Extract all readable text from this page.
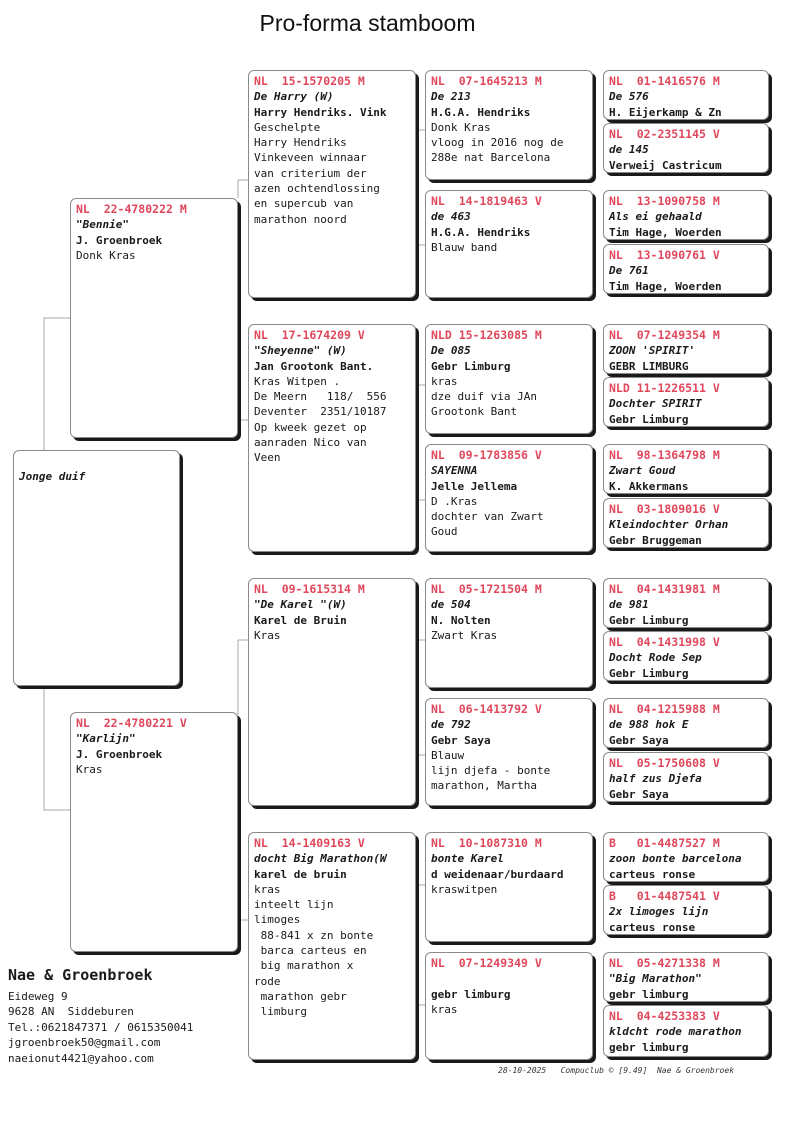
Pro-forma stamboom
Jonge duif
NL  22-4780222 M
"Bennie"
J. Groenbroek
Donk Kras
NL  22-4780221 V
"Karlijn"
J. Groenbroek
Kras
NL  15-1570205 M
De Harry (W)
Harry Hendriks. Vink
Geschelpte
Harry Hendriks
Vinkeveen winnaar
van criterium der
azen ochtendlossing
en supercub van
marathon noord
NL  17-1674209 V
"Sheyenne" (W)
Jan Grootonk Bant.
Kras Witpen .
De Meern   118/  556
Deventer  2351/10187
Op kweek gezet op
aanraden Nico van
Veen
NL  09-1615314 M
"De Karel "(W)
Karel de Bruin
Kras
NL  14-1409163 V
docht Big Marathon(W
karel de bruin
kras
inteelt lijn
limoges
88-841 x zn bonte
barca carteus en
big marathon x
rode
marathon gebr
limburg
NL  07-1645213 M
De 213
H.G.A. Hendriks
Donk Kras
vloog in 2016 nog de
288e nat Barcelona
NL  14-1819463 V
de 463
H.G.A. Hendriks
Blauw band
NLD 15-1263085 M
De 085
Gebr Limburg
kras
dze duif via JAn
Grootonk Bant
NL  09-1783856 V
SAYENNA
Jelle Jellema
D .Kras
dochter van Zwart
Goud
NL  05-1721504 M
de 504
N. Nolten
Zwart Kras
NL  06-1413792 V
de 792
Gebr Saya
Blauw
lijn djefa - bonte
marathon, Martha
NL  10-1087310 M
bonte Karel
d weidenaar/burdaard
kraswitpen
NL  07-1249349 V
gebr limburg
kras
NL  01-1416576 M
De 576
H. Eijerkamp & Zn
NL  02-2351145 V
de 145
Verweij Castricum
NL  13-1090758 M
Als ei gehaald
Tim Hage, Woerden
NL  13-1090761 V
De 761
Tim Hage, Woerden
NL  07-1249354 M
ZOON 'SPIRIT'
GEBR LIMBURG
NLD 11-1226511 V
Dochter SPIRIT
Gebr Limburg
NL  98-1364798 M
Zwart Goud
K. Akkermans
NL  03-1809016 V
Kleindochter Orhan
Gebr Bruggeman
NL  04-1431981 M
de 981
Gebr Limburg
NL  04-1431998 V
Docht Rode Sep
Gebr Limburg
NL  04-1215988 M
de 988 hok E
Gebr Saya
NL  05-1750608 V
half zus Djefa
Gebr Saya
B   01-4487527 M
zoon bonte barcelona
carteus ronse
B   01-4487541 V
2x limoges lijn
carteus ronse
NL  05-4271338 M
"Big Marathon"
gebr limburg
NL  04-4253383 V
kldcht rode marathon
gebr limburg
Nae & Groenbroek
Eideweg 9
9628 AN  Siddeburen
Tel.:0621847371 / 0615350041
jgroenbroek50@gmail.com
naeionut4421@yahoo.com
28-10-2025   Compuclub © [9.49]  Nae & Groenbroek
